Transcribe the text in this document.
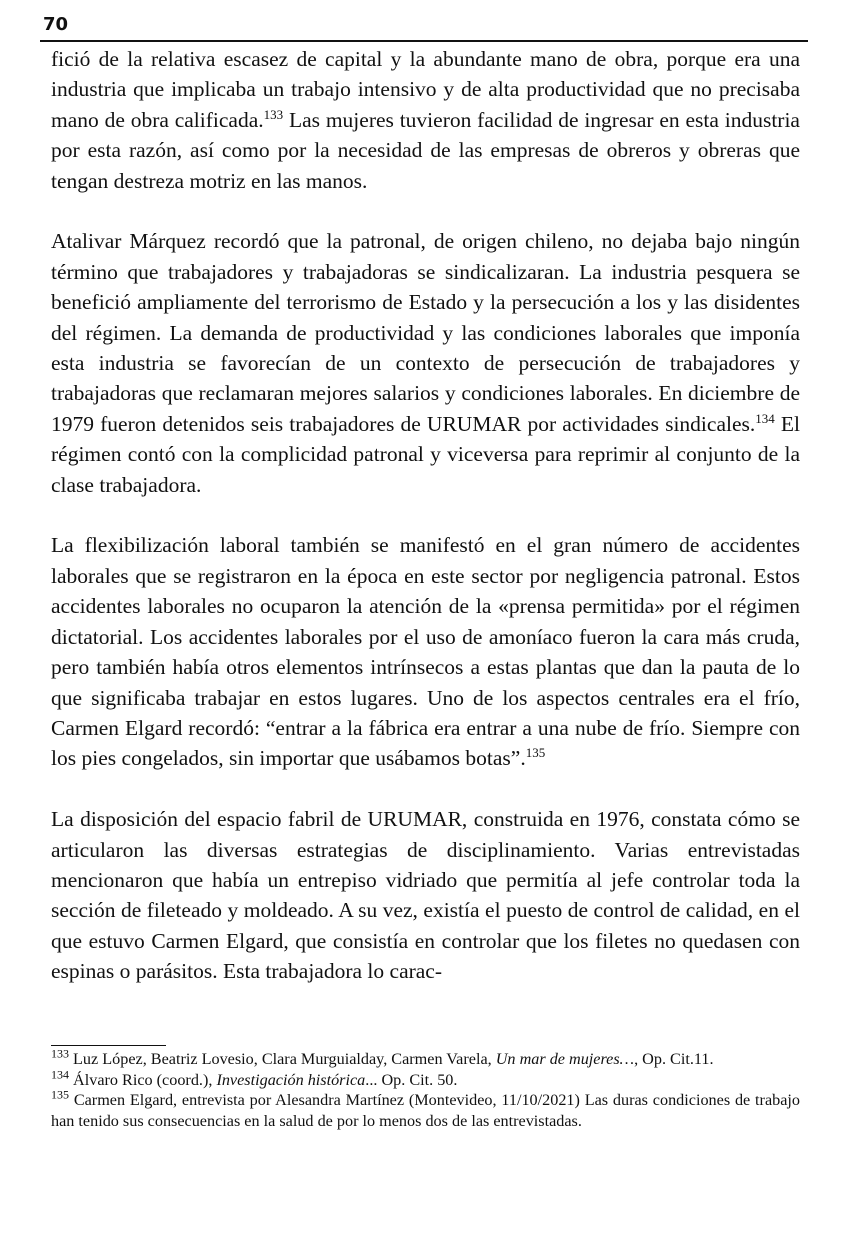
70

fició de la relativa escasez de capital y la abundante mano de obra, porque era una industria que implicaba un trabajo intensivo y de alta productividad que no precisaba mano de obra calificada.$^{133}$ Las mujeres tuvieron facilidad de ingresar en esta industria por esta razón, así como por la necesidad de las empresas de obreros y obreras que tengan destreza motriz en las manos.

Atalivar Márquez recordó que la patronal, de origen chileno, no dejaba bajo ningún término que trabajadores y trabajadoras se sindicalizaran. La industria pesquera se benefició ampliamente del terrorismo de Estado y la persecución a los y las disidentes del régimen. La demanda de productividad y las condiciones laborales que imponía esta industria se favorecían de un contexto de persecución de trabajadores y trabajadoras que reclamaran mejores salarios y condiciones laborales. En diciembre de 1979 fueron detenidos seis trabajadores de URUMAR por actividades sindicales.$^{134}$ El régimen contó con la complicidad patronal y viceversa para reprimir al conjunto de la clase trabajadora.

La flexibilización laboral también se manifestó en el gran número de accidentes laborales que se registraron en la época en este sector por negligencia patronal. Estos accidentes laborales no ocuparon la atención de la «prensa permitida» por el régimen dictatorial. Los accidentes laborales por el uso de amoníaco fueron la cara más cruda, pero también había otros elementos intrínsecos a estas plantas que dan la pauta de lo que significaba trabajar en estos lugares. Uno de los aspectos centrales era el frío, Carmen Elgard recordó: “entrar a la fábrica era entrar a una nube de frío. Siempre con los pies congelados, sin importar que usábamos botas”.$^{135}$

La disposición del espacio fabril de URUMAR, construida en 1976, constata cómo se articularon las diversas estrategias de disciplinamiento. Varias entrevistadas mencionaron que había un entrepiso vidriado que permitía al jefe controlar toda la sección de fileteado y moldeado. A su vez, existía el puesto de control de calidad, en el que estuvo Carmen Elgard, que consistía en controlar que los filetes no quedasen con espinas o parásitos. Esta trabajadora lo carac-

$^{133}$ Luz López, Beatriz Lovesio, Clara Murguialday, Carmen Varela, Un mar de mujeres…, Op. Cit.11.

$^{134}$ Álvaro Rico (coord.), Investigación histórica... Op. Cit. 50.

$^{135}$ Carmen Elgard, entrevista por Alesandra Martínez (Montevideo, 11/10/2021) Las duras condiciones de trabajo han tenido sus consecuencias en la salud de por lo menos dos de las entrevistadas.
